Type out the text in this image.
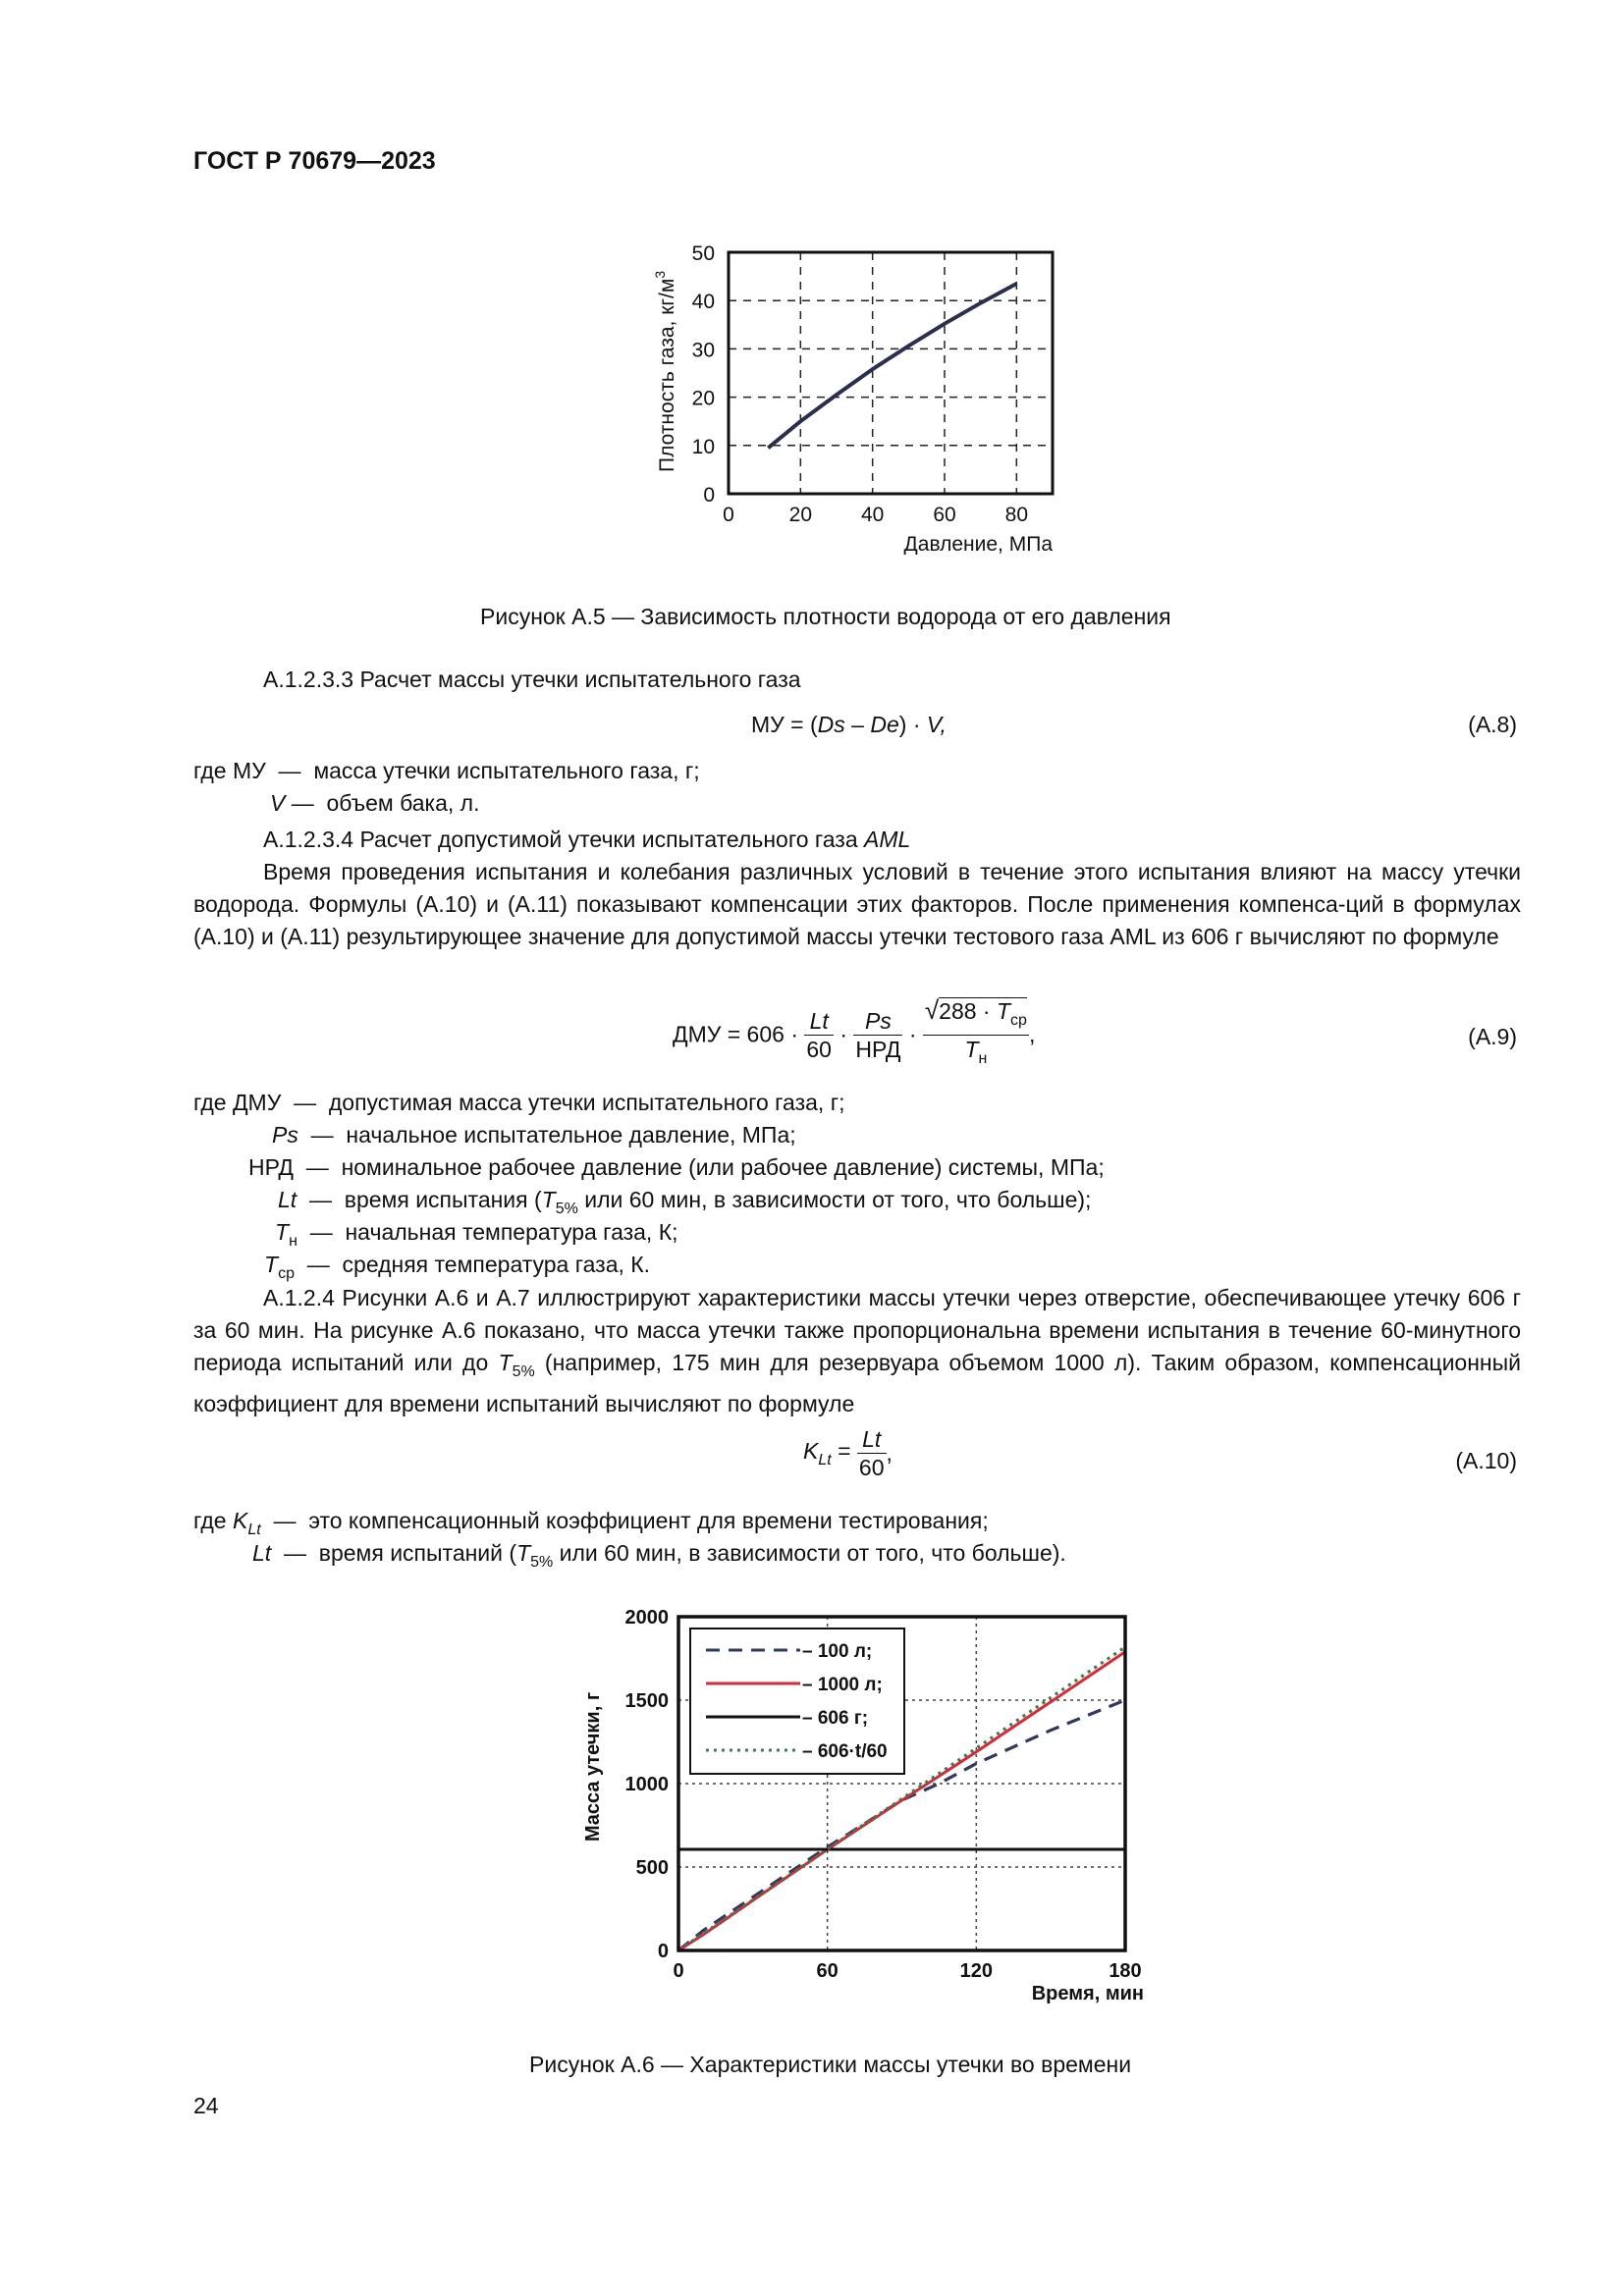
ГОСТ Р 70679—2023
0	20 40 60 80
0
10
20
30
40
50
Плотность газа, $кг/м^3$
Давление, МПа
Рисунок А.5 — Зависимость плотности водорода от его давления
А.1.2.3.3 Расчет массы утечки испытательного газа
МУ = (Ds – De) · V,	(А.8)
где МУ — масса утечки испытательного газа, г;
V — объем бака, л.
А.1.2.3.4 Расчет допустимой утечки испытательного газа AML
Время проведения испытания и колебания различных условий в течение этого испытания влияют на массу утечки водорода. Формулы (А.10) и (А.11) показывают компенсации этих факторов. После применения компенса-ций в формулах (А.10) и (А.11) результирующее значение для допустимой массы утечки тестового газа AML из 606 г вычисляют по формуле
ДМУ = $606 \cdot \frac{Lt}{60} \cdot \frac{Ps}{\text{НРД}} \cdot \frac{√288 \cdot T_{ср}}{T_н}$ ,	(А.9)
где ДМУ — допустимая масса утечки испытательного газа, г;
Ps — начальное испытательное давление, МПа;
НРД — номинальное рабочее давление (или рабочее давление) системы, МПа;
Lt — время испытания ($T_{5\%}$ или 60 мин, в зависимости от того, что больше);
$T_н$ — начальная температура газа, К;
$T_{ср}$ — средняя температура газа, К.
А.1.2.4 Рисунки А.6 и А.7 иллюстрируют характеристики массы утечки через отверстие, обеспечивающее утечку 606 г за 60 мин. На рисунке А.6 показано, что масса утечки также пропорциональна времени испытания в течение 60-минутного периода испытаний или до $T_{5\%}$ (например, 175 мин для резервуара объемом 1000 л). Таким образом, компенсационный коэффициент для времени испытаний вычисляют по формуле
$K_{Lt} = \frac{Lt}{60}$ ,	(А.10)
где $K_{Lt}$ — это компенсационный коэффициент для времени тестирования;
Lt — время испытаний ($T_{5\%}$ или 60 мин, в зависимости от того, что больше).
0	60	120	180
0
500
1000
1500
2000
– 100 л;
– 1000 л;
– 606 г;
– 606·t/60
Масса утечки, г
Время, мин
Рисунок А.6 — Характеристики массы утечки во времени
24
